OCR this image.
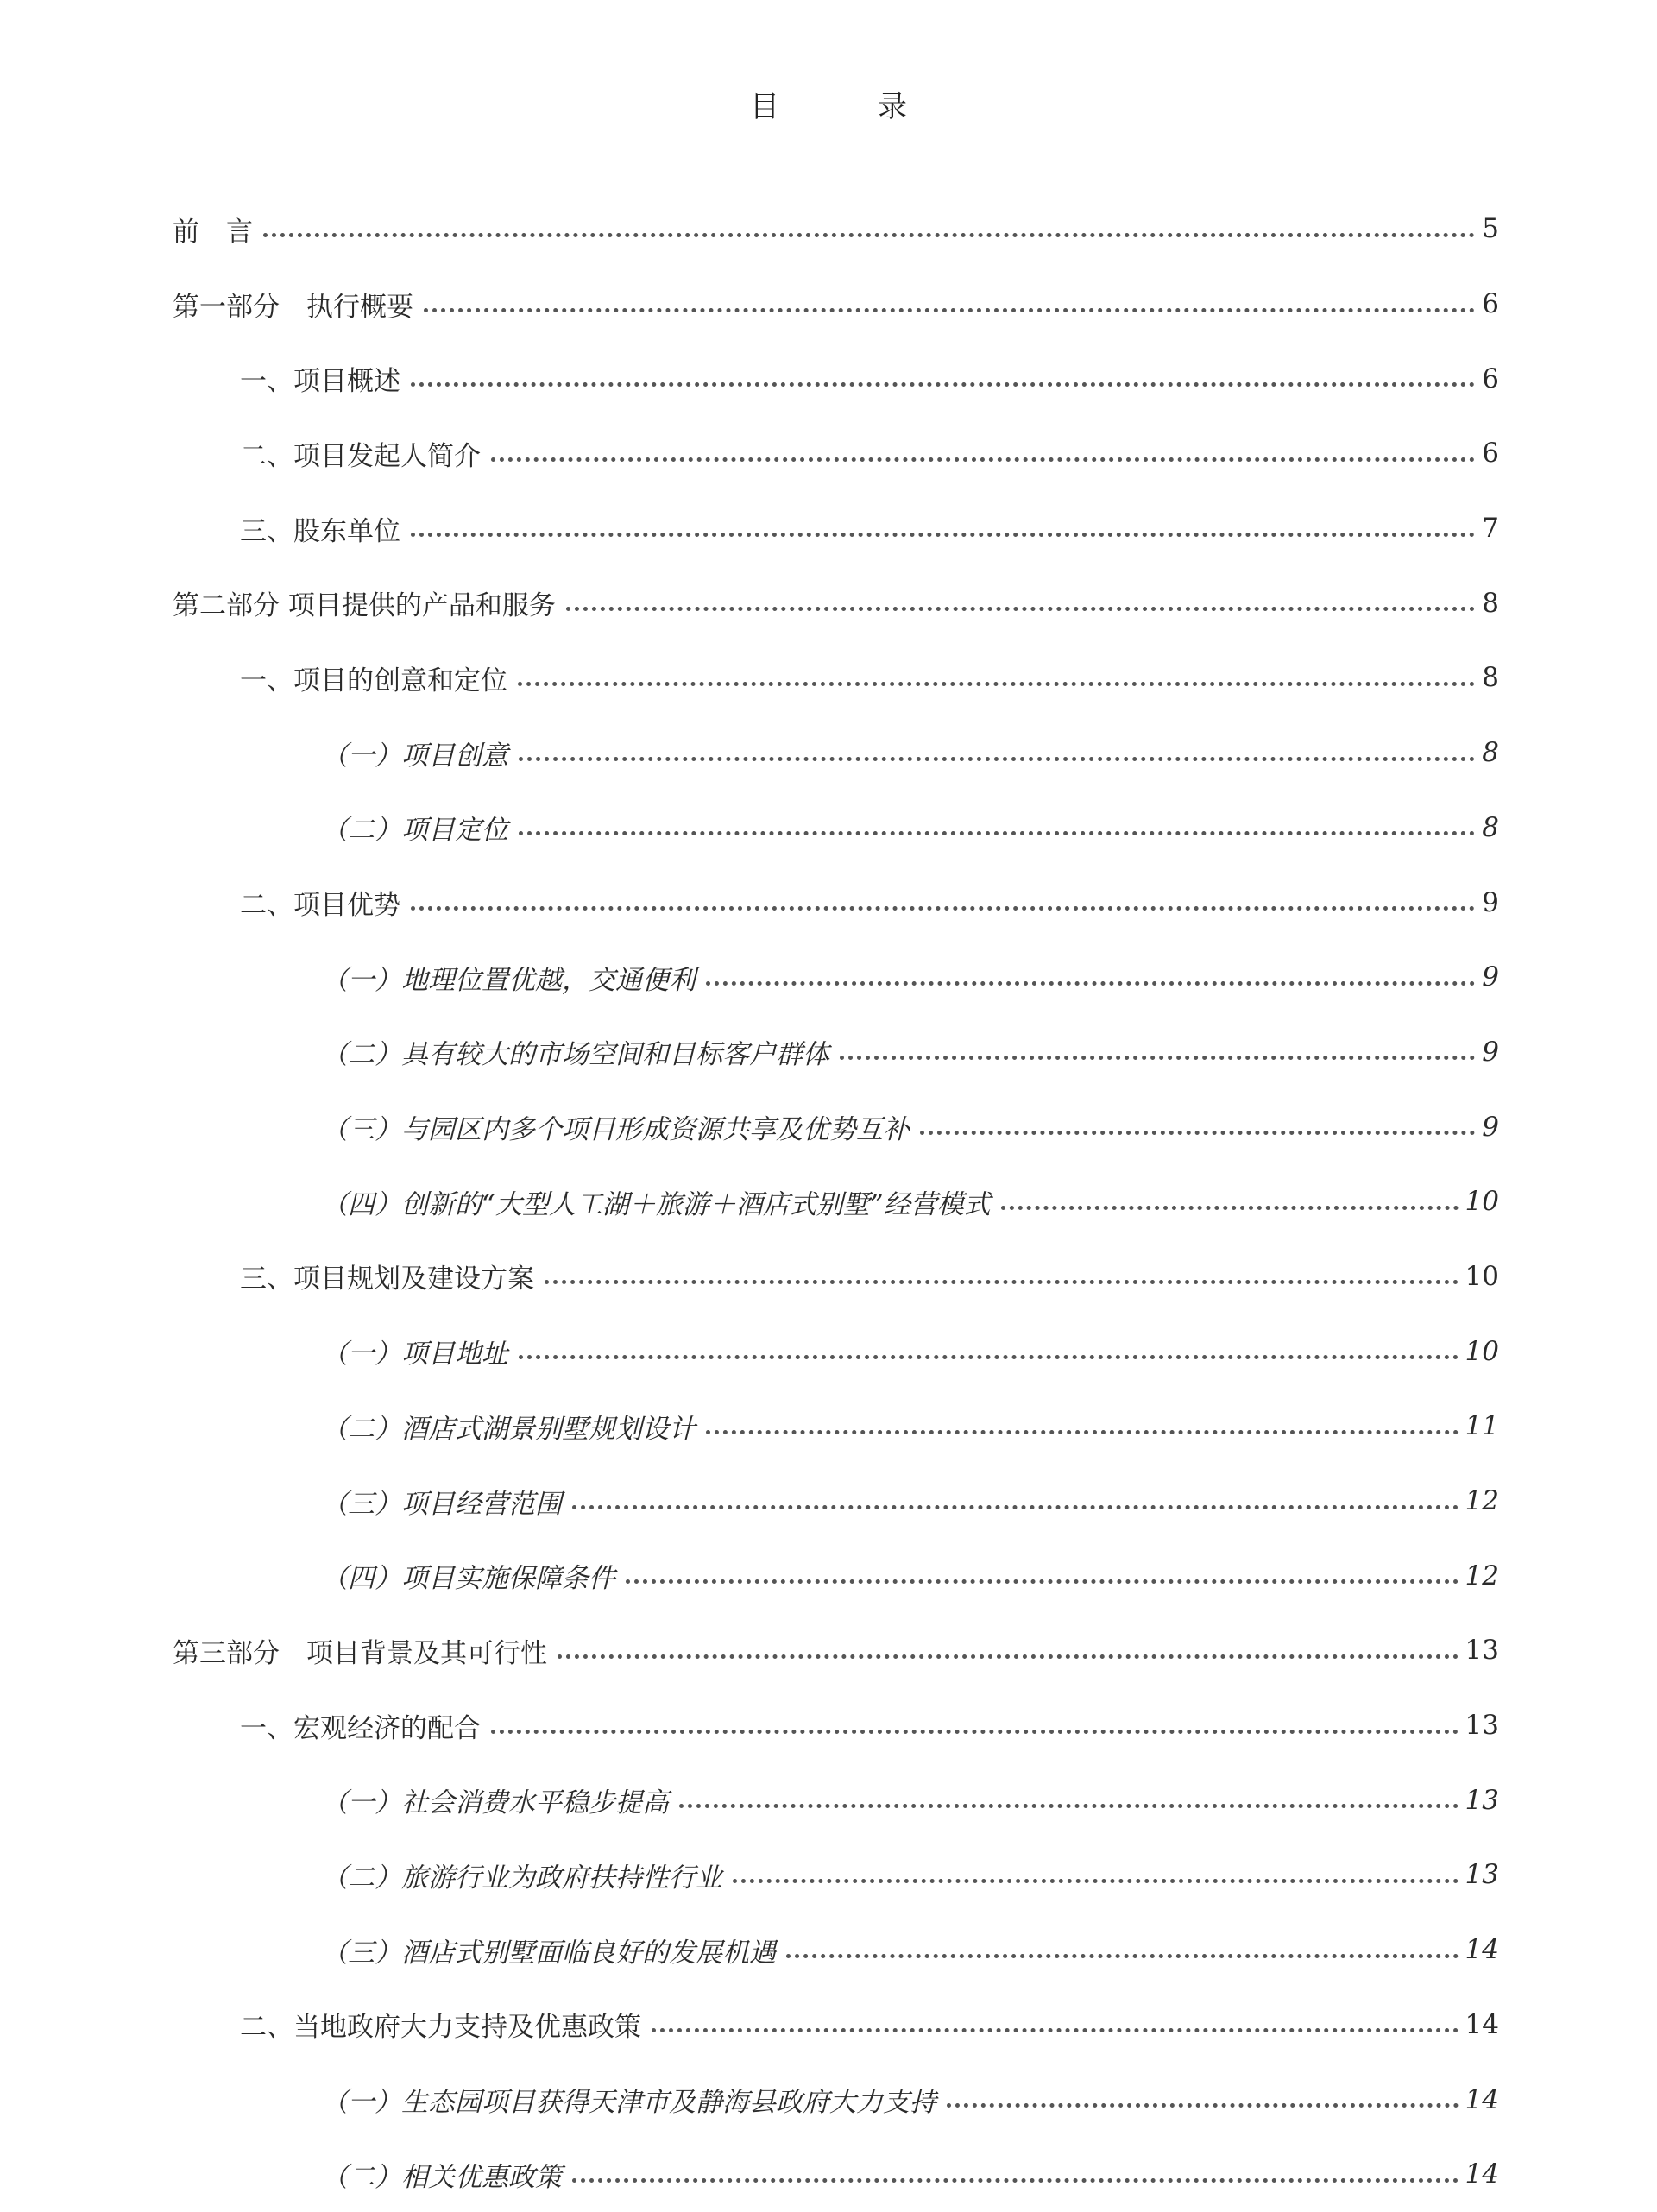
目　录
前　言	5
第一部分　执行概要	6
一、项目概述	6
二、项目发起人简介	6
三、股东单位	7
第二部分 项目提供的产品和服务	8
一、项目的创意和定位	8
（一）项目创意	8
（二）项目定位	8
二、项目优势	9
（一）地理位置优越，交通便利	9
（二）具有较大的市场空间和目标客户群体	9
（三）与园区内多个项目形成资源共享及优势互补	9
（四）创新的“大型人工湖＋旅游＋酒店式别墅”经营模式	10
三、项目规划及建设方案	10
（一）项目地址	10
（二）酒店式湖景别墅规划设计	11
（三）项目经营范围	12
（四）项目实施保障条件	12
第三部分　项目背景及其可行性	13
一、宏观经济的配合	13
（一）社会消费水平稳步提高	13
（二）旅游行业为政府扶持性行业	13
（三）酒店式别墅面临良好的发展机遇	14
二、当地政府大力支持及优惠政策	14
（一）生态园项目获得天津市及静海县政府大力支持	14
（二）相关优惠政策	14
